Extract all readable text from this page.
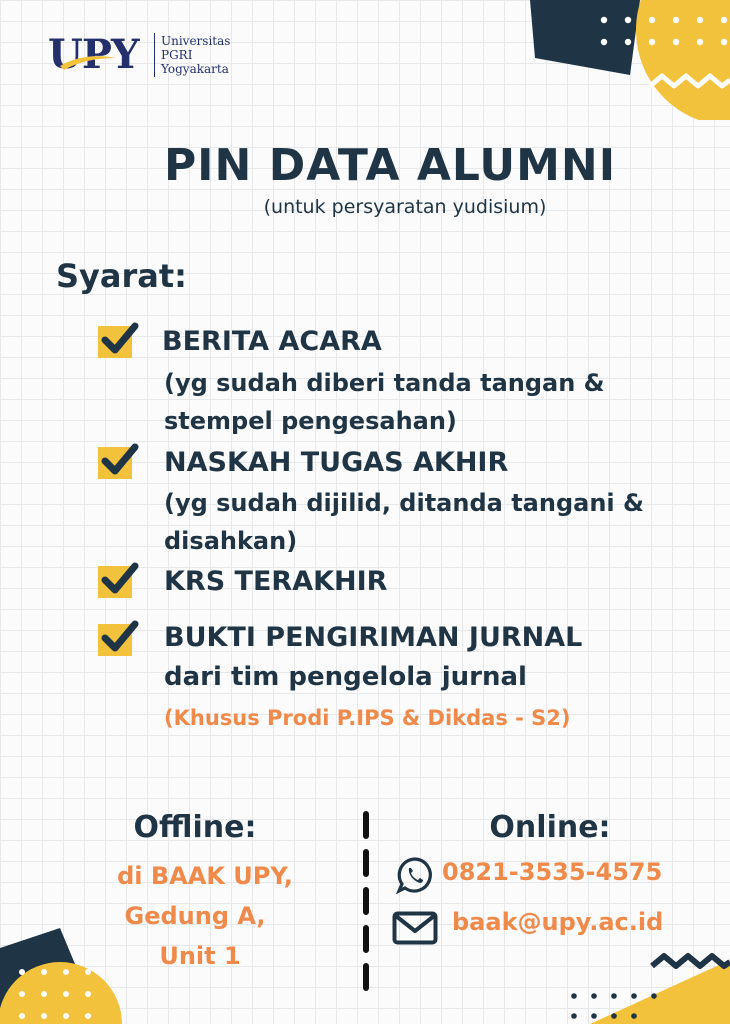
UPY	Universitas
PGRI
Yogyakarta
PIN DATA ALUMNI
(untuk persyaratan yudisium)
Syarat:
BERITA ACARA
(yg sudah diberi tanda tangan &
stempel pengesahan)
NASKAH TUGAS AKHIR
(yg sudah dijilid, ditanda tangani &
disahkan)
KRS TERAKHIR
BUKTI PENGIRIMAN JURNAL
dari tim pengelola jurnal
(Khusus Prodi P.IPS & Dikdas - S2)
Offline:
di BAAK UPY,
Gedung A,
Unit 1
Online:
0821-3535-4575
baak@upy.ac.id
